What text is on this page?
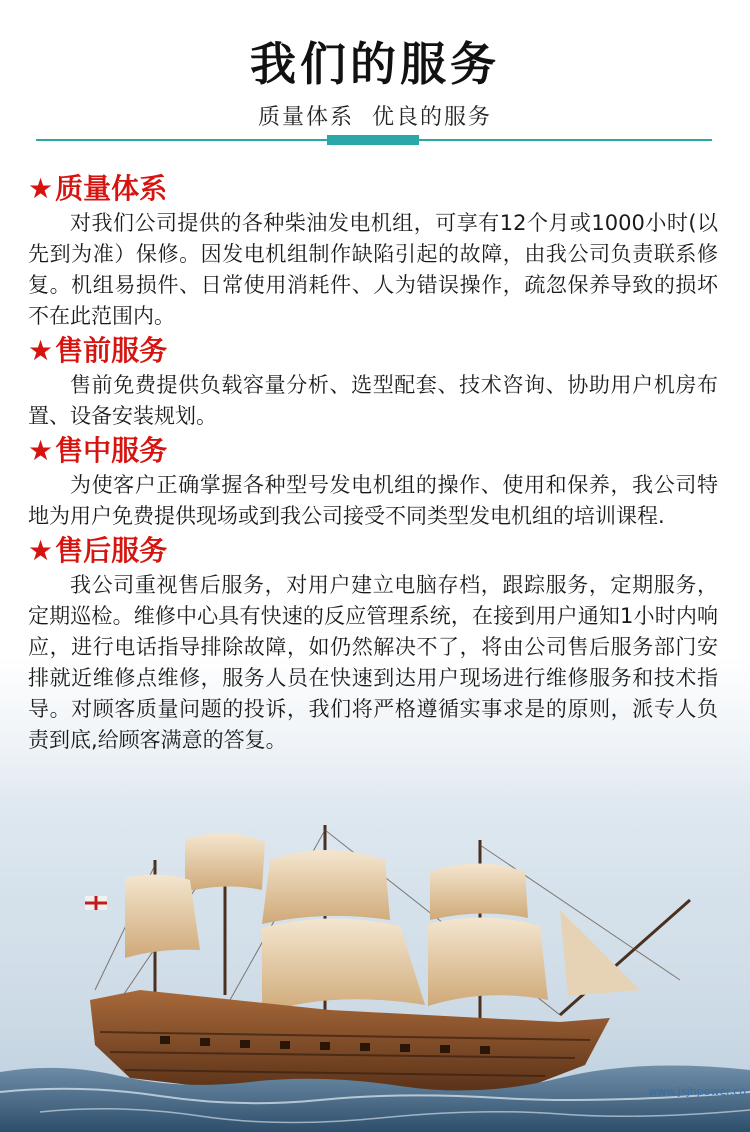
我们的服务
质量体系  优良的服务
★ 质量体系

对我们公司提供的各种柴油发电机组，可享有12个月或1000小时(以先到为准）保修。因发电机组制作缺陷引起的故障，由我公司负责联系修复。机组易损件、日常使用消耗件、人为错误操作，疏忽保养导致的损坏不在此范围内。

★ 售前服务

售前免费提供负载容量分析、选型配套、技术咨询、协助用户机房布置、设备安装规划。

★ 售中服务

为使客户正确掌握各种型号发电机组的操作、使用和保养，我公司特地为用户免费提供现场或到我公司接受不同类型发电机组的培训课程.

★ 售后服务

我公司重视售后服务，对用户建立电脑存档，跟踪服务，定期服务，定期巡检。维修中心具有快速的反应管理系统，在接到用户通知1小时内响应，进行电话指导排除故障，如仍然解决不了，将由公司售后服务部门安排就近维修点维修，服务人员在快速到达用户现场进行维修服务和技术指导。对顾客质量问题的投诉，我们将严格遵循实事求是的原则，派专人负责到底,给顾客满意的答复。

www.jsjhpower.co
